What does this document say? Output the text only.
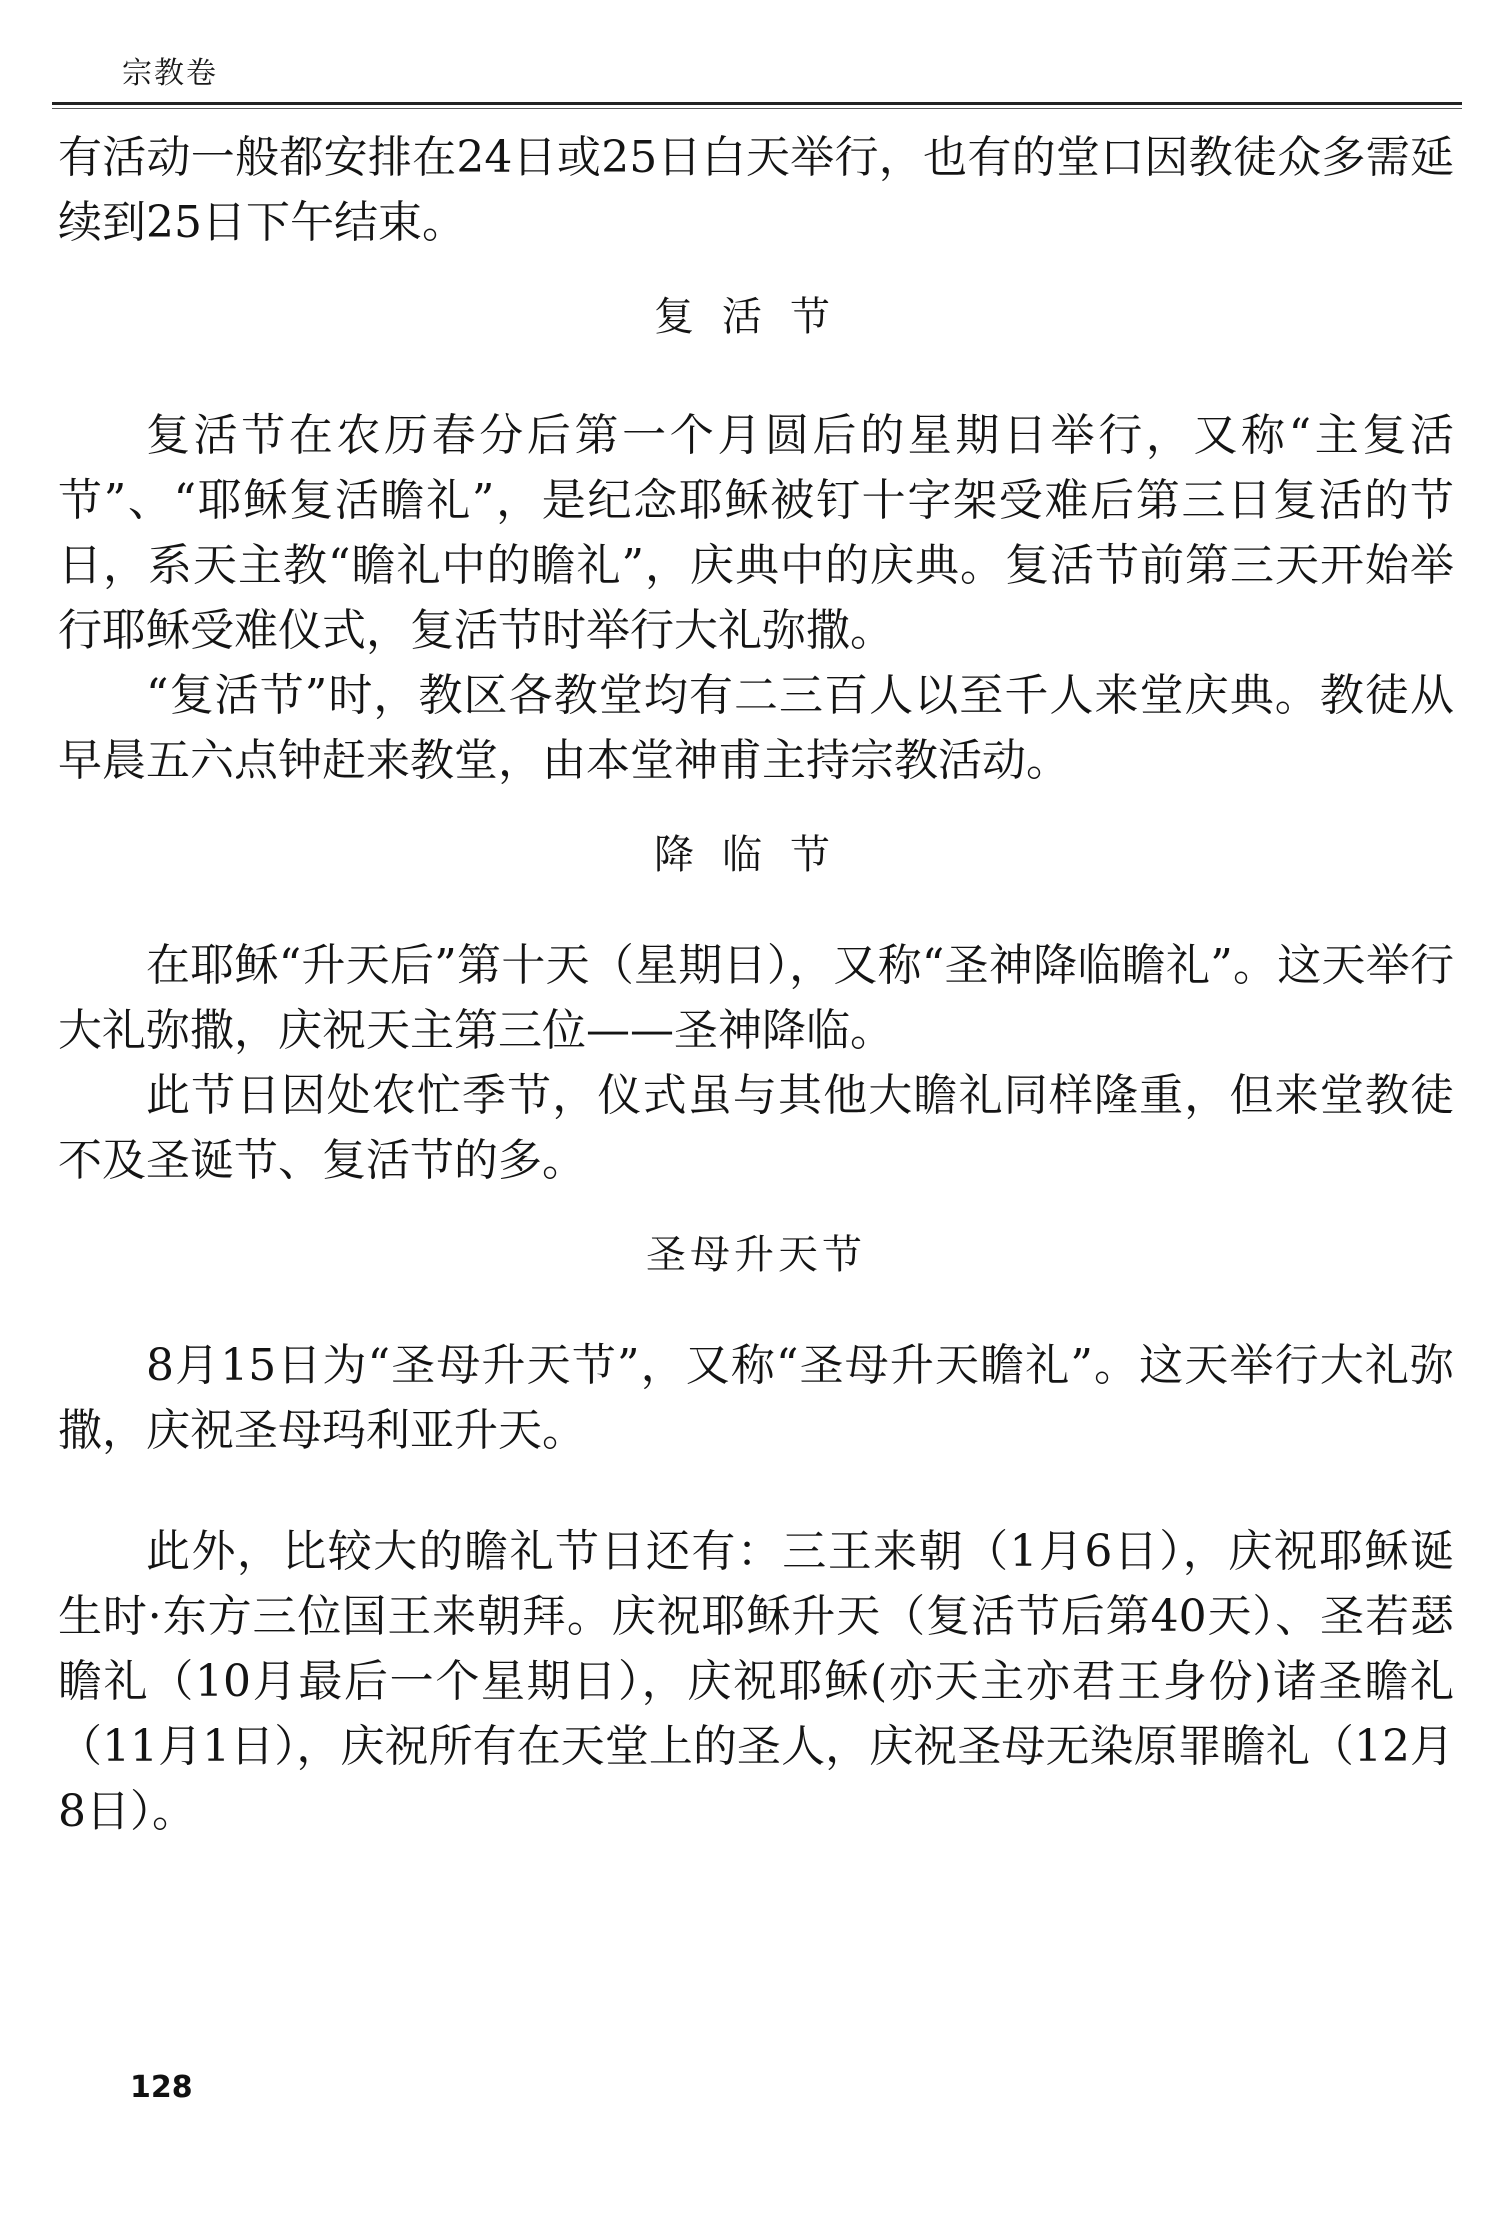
宗教卷

有活动一般都安排在24日或25日白天举行，也有的堂口因教徒众多需延续到25日下午结束。

复活节

复活节在农历春分后第一个月圆后的星期日举行，又称“主复活节”、“耶稣复活瞻礼”，是纪念耶稣被钉十字架受难后第三日复活的节日，系天主教“瞻礼中的瞻礼”，庆典中的庆典。复活节前第三天开始举行耶稣受难仪式，复活节时举行大礼弥撒。

“复活节”时，教区各教堂均有二三百人以至千人来堂庆典。教徒从早晨五六点钟赶来教堂，由本堂神甫主持宗教活动。

降临节

在耶稣“升天后”第十天（星期日），又称“圣神降临瞻礼”。这天举行大礼弥撒，庆祝天主第三位——圣神降临。

此节日因处农忙季节，仪式虽与其他大瞻礼同样隆重，但来堂教徒不及圣诞节、复活节的多。

圣母升天节

8月15日为“圣母升天节”，又称“圣母升天瞻礼”。这天举行大礼弥撒，庆祝圣母玛利亚升天。

此外，比较大的瞻礼节日还有：三王来朝（1月6日），庆祝耶稣诞生时·东方三位国王来朝拜。庆祝耶稣升天（复活节后第40天）、圣若瑟瞻礼（10月最后一个星期日），庆祝耶稣(亦天主亦君王身份)诸圣瞻礼（11月1日），庆祝所有在天堂上的圣人，庆祝圣母无染原罪瞻礼（12月8日）。

128
